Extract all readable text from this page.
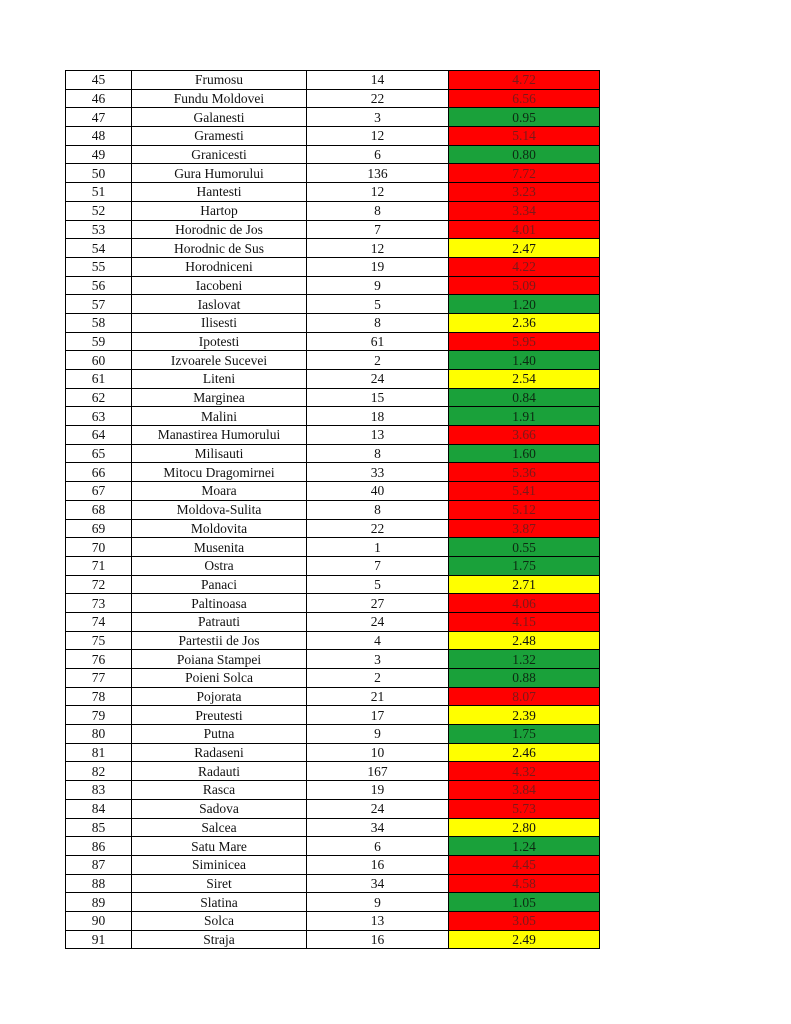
45	Frumosu	14	4.72
46	Fundu Moldovei	22	6.56
47	Galanesti	3	0.95
48	Gramesti	12	5.14
49	Granicesti	6	0.80
50	Gura Humorului	136	7.72
51	Hantesti	12	3.23
52	Hartop	8	3.34
53	Horodnic de Jos	7	4.01
54	Horodnic de Sus	12	2.47
55	Horodniceni	19	4.22
56	Iacobeni	9	5.09
57	Iaslovat	5	1.20
58	Ilisesti	8	2.36
59	Ipotesti	61	5.95
60	Izvoarele Sucevei	2	1.40
61	Liteni	24	2.54
62	Marginea	15	0.84
63	Malini	18	1.91
64	Manastirea Humorului	13	3.66
65	Milisauti	8	1.60
66	Mitocu Dragomirnei	33	5.36
67	Moara	40	5.41
68	Moldova-Sulita	8	5.12
69	Moldovita	22	3.87
70	Musenita	1	0.55
71	Ostra	7	1.75
72	Panaci	5	2.71
73	Paltinoasa	27	4.06
74	Patrauti	24	4.15
75	Partestii de Jos	4	2.48
76	Poiana Stampei	3	1.32
77	Poieni Solca	2	0.88
78	Pojorata	21	8.07
79	Preutesti	17	2.39
80	Putna	9	1.75
81	Radaseni	10	2.46
82	Radauti	167	4.32
83	Rasca	19	3.84
84	Sadova	24	5.73
85	Salcea	34	2.80
86	Satu Mare	6	1.24
87	Siminicea	16	4.45
88	Siret	34	4.58
89	Slatina	9	1.05
90	Solca	13	3.05
91	Straja	16	2.49
